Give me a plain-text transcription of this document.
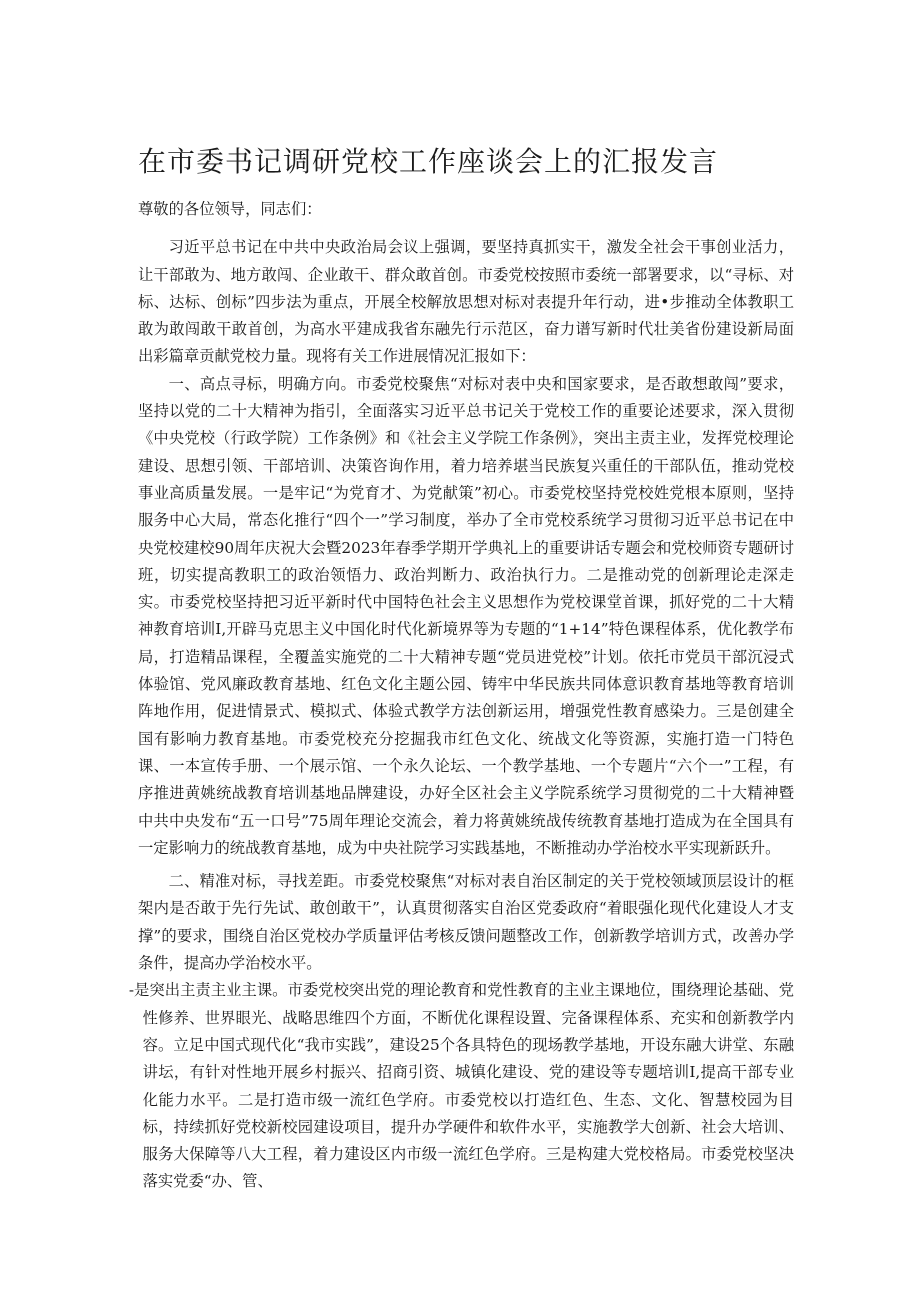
在市委书记调研党校工作座谈会上的汇报发言

尊敬的各位领导，同志们：

习近平总书记在中共中央政治局会议上强调，要坚持真抓实干，激发全社会干事创业活力，让干部敢为、地方敢闯、企业敢干、群众敢首创。市委党校按照市委统一部署要求，以“寻标、对标、达标、创标”四步法为重点，开展全校解放思想对标对表提升年行动，进•步推动全体教职工敢为敢闯敢干敢首创，为高水平建成我省东融先行示范区，奋力谱写新时代壮美省份建设新局面出彩篇章贡献党校力量。现将有关工作进展情况汇报如下：

一、高点寻标，明确方向。市委党校聚焦“对标对表中央和国家要求，是否敢想敢闯”要求，坚持以党的二十大精神为指引，全面落实习近平总书记关于党校工作的重要论述要求，深入贯彻《中央党校（行政学院）工作条例》和《社会主义学院工作条例》，突出主责主业，发挥党校理论建设、思想引领、干部培训、决策咨询作用，着力培养堪当民族复兴重任的干部队伍，推动党校事业高质量发展。一是牢记“为党育才、为党献策”初心。市委党校坚持党校姓党根本原则，坚持服务中心大局，常态化推行“四个一”学习制度，举办了全市党校系统学习贯彻习近平总书记在中央党校建校90周年庆祝大会暨2023年春季学期开学典礼上的重要讲话专题会和党校师资专题研讨班，切实提高教职工的政治领悟力、政治判断力、政治执行力。二是推动党的创新理论走深走实。市委党校坚持把习近平新时代中国特色社会主义思想作为党校课堂首课，抓好党的二十大精神教育培训I,开辟马克思主义中国化时代化新境界等为专题的“1+14”特色课程体系，优化教学布局，打造精品课程，全覆盖实施党的二十大精神专题“党员进党校”计划。依托市党员干部沉浸式体验馆、党风廉政教育基地、红色文化主题公园、铸牢中华民族共同体意识教育基地等教育培训阵地作用，促进情景式、模拟式、体验式教学方法创新运用，增强党性教育感染力。三是创建全国有影响力教育基地。市委党校充分挖掘我市红色文化、统战文化等资源，实施打造一门特色课、一本宣传手册、一个展示馆、一个永久论坛、一个教学基地、一个专题片“六个一”工程，有序推进黄姚统战教育培训基地品牌建设，办好全区社会主义学院系统学习贯彻党的二十大精神暨中共中央发布“五一口号”75周年理论交流会，着力将黄姚统战传统教育基地打造成为在全国具有一定影响力的统战教育基地，成为中央社院学习实践基地，不断推动办学治校水平实现新跃升。

二、精准对标，寻找差距。市委党校聚焦“对标对表自治区制定的关于党校领域顶层设计的框架内是否敢于先行先试、敢创敢干”，认真贯彻落实自治区党委政府“着眼强化现代化建设人才支撑”的要求，围绕自治区党校办学质量评估考核反馈问题整改工作，创新教学培训方式，改善办学条件，提高办学治校水平。

-是突出主责主业主课。市委党校突出党的理论教育和党性教育的主业主课地位，围绕理论基础、党性修养、世界眼光、战略思维四个方面，不断优化课程设置、完备课程体系、充实和创新教学内容。立足中国式现代化“我市实践”，建设25个各具特色的现场教学基地，开设东融大讲堂、东融讲坛，有针对性地开展乡村振兴、招商引资、城镇化建设、党的建设等专题培训I,提高干部专业化能力水平。二是打造市级一流红色学府。市委党校以打造红色、生态、文化、智慧校园为目标，持续抓好党校新校园建设项目，提升办学硬件和软件水平，实施教学大创新、社会大培训、服务大保障等八大工程，着力建设区内市级一流红色学府。三是构建大党校格局。市委党校坚决落实党委“办、管、
